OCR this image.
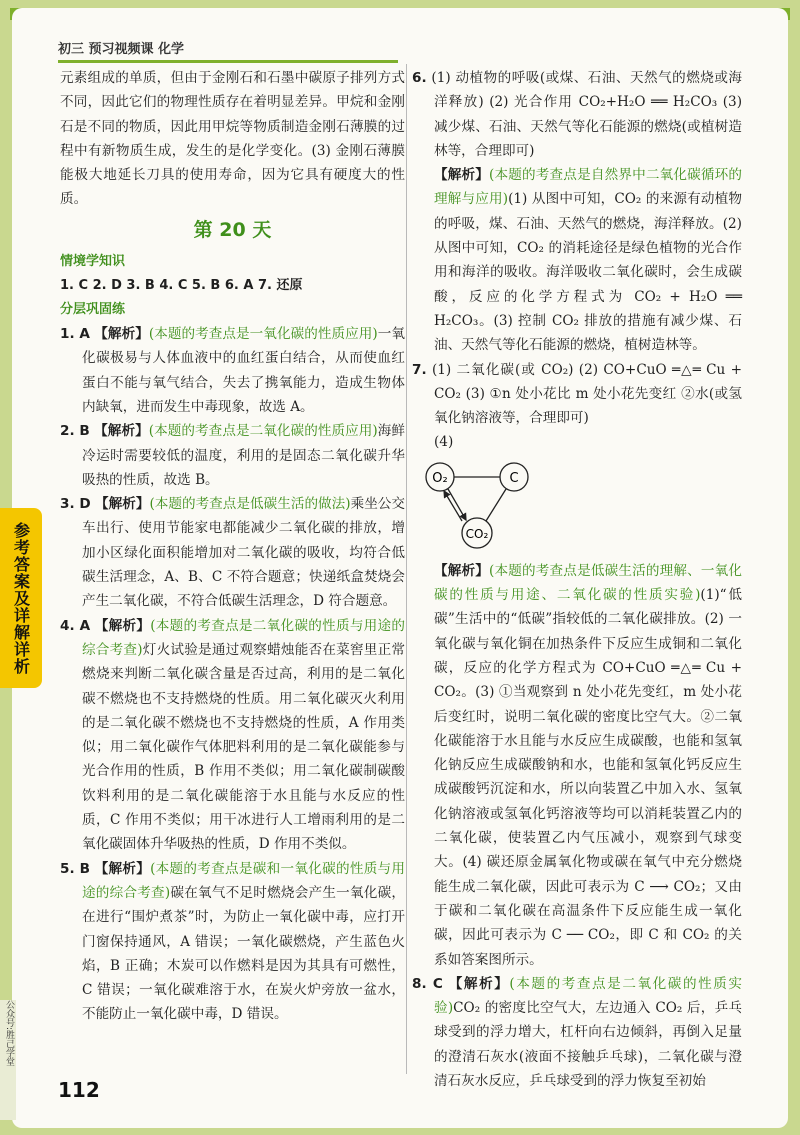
初三 预习视频课 化学
参考答案及详解详析
公众号:胜己学堂

元素组成的单质，但由于金刚石和石墨中碳原子排列方式不同，因此它们的物理性质存在着明显差异。甲烷和金刚石是不同的物质，因此用甲烷等物质制造金刚石薄膜的过程中有新物质生成，发生的是化学变化。(3) 金刚石薄膜能极大地延长刀具的使用寿命，因为它具有硬度大的性质。

第 20 天
情境学知识
1. C 2. D 3. B 4. C 5. B 6. A 7. 还原
分层巩固练

1. A 【解析】(本题的考查点是一氧化碳的性质应用)一氧化碳极易与人体血液中的血红蛋白结合，从而使血红蛋白不能与氧气结合，失去了携氧能力，造成生物体内缺氧，进而发生中毒现象，故选 A。

2. B 【解析】(本题的考查点是二氧化碳的性质应用)海鲜冷运时需要较低的温度，利用的是固态二氧化碳升华吸热的性质，故选 B。

3. D 【解析】(本题的考查点是低碳生活的做法)乘坐公交车出行、使用节能家电都能减少二氧化碳的排放，增加小区绿化面积能增加对二氧化碳的吸收，均符合低碳生活理念，A、B、C 不符合题意；快递纸盒焚烧会产生二氧化碳，不符合低碳生活理念，D 符合题意。

4. A 【解析】(本题的考查点是二氧化碳的性质与用途的综合考查)灯火试验是通过观察蜡烛能否在菜窖里正常燃烧来判断二氧化碳含量是否过高，利用的是二氧化碳不燃烧也不支持燃烧的性质。用二氧化碳灭火利用的是二氧化碳不燃烧也不支持燃烧的性质，A 作用类似；用二氧化碳作气体肥料利用的是二氧化碳能参与光合作用的性质，B 作用不类似；用二氧化碳制碳酸饮料利用的是二氧化碳能溶于水且能与水反应的性质，C 作用不类似；用干冰进行人工增雨利用的是二氧化碳固体升华吸热的性质，D 作用不类似。

5. B 【解析】(本题的考查点是碳和一氧化碳的性质与用途的综合考查)碳在氧气不足时燃烧会产生一氧化碳，在进行“围炉煮茶”时，为防止一氧化碳中毒，应打开门窗保持通风，A 错误；一氧化碳燃烧，产生蓝色火焰，B 正确；木炭可以作燃料是因为其具有可燃性，C 错误；一氧化碳难溶于水，在炭火炉旁放一盆水，不能防止一氧化碳中毒，D 错误。

6. (1) 动植物的呼吸(或煤、石油、天然气的燃烧或海洋释放) (2) 光合作用 CO₂+H₂O ══ H₂CO₃ (3) 减少煤、石油、天然气等化石能源的燃烧(或植树造林等，合理即可)

【解析】(本题的考查点是自然界中二氧化碳循环的理解与应用)(1) 从图中可知，CO₂ 的来源有动植物的呼吸，煤、石油、天然气的燃烧，海洋释放。(2) 从图中可知，CO₂ 的消耗途径是绿色植物的光合作用和海洋的吸收。海洋吸收二氧化碳时，会生成碳酸，反应的化学方程式为 CO₂ + H₂O ══ H₂CO₃。(3) 控制 CO₂ 排放的措施有减少煤、石油、天然气等化石能源的燃烧，植树造林等。

7. (1) 二氧化碳(或 CO₂) (2) CO+CuO ═△═ Cu + CO₂ (3) ①n 处小花比 m 处小花先变红 ②水(或氢氧化钠溶液等，合理即可)

(4)

O₂	C
CO₂

【解析】(本题的考查点是低碳生活的理解、一氧化碳的性质与用途、二氧化碳的性质实验)(1)“低碳”生活中的“低碳”指较低的二氧化碳排放。(2) 一氧化碳与氧化铜在加热条件下反应生成铜和二氧化碳，反应的化学方程式为 CO+CuO ═△═ Cu + CO₂。(3) ①当观察到 n 处小花先变红，m 处小花后变红时，说明二氧化碳的密度比空气大。②二氧化碳能溶于水且能与水反应生成碳酸，也能和氢氧化钠反应生成碳酸钠和水，也能和氢氧化钙反应生成碳酸钙沉淀和水，所以向装置乙中加入水、氢氧化钠溶液或氢氧化钙溶液等均可以消耗装置乙内的二氧化碳，使装置乙内气压减小，观察到气球变大。(4) 碳还原金属氧化物或碳在氧气中充分燃烧能生成二氧化碳，因此可表示为 C ⟶ CO₂；又由于碳和二氧化碳在高温条件下反应能生成一氧化碳，因此可表示为 C ── CO₂，即 C 和 CO₂ 的关系如答案图所示。

8. C 【解析】(本题的考查点是二氧化碳的性质实验)CO₂ 的密度比空气大，左边通入 CO₂ 后，乒乓球受到的浮力增大，杠杆向右边倾斜，再倒入足量的澄清石灰水(液面不接触乒乓球)，二氧化碳与澄清石灰水反应，乒乓球受到的浮力恢复至初始

112
